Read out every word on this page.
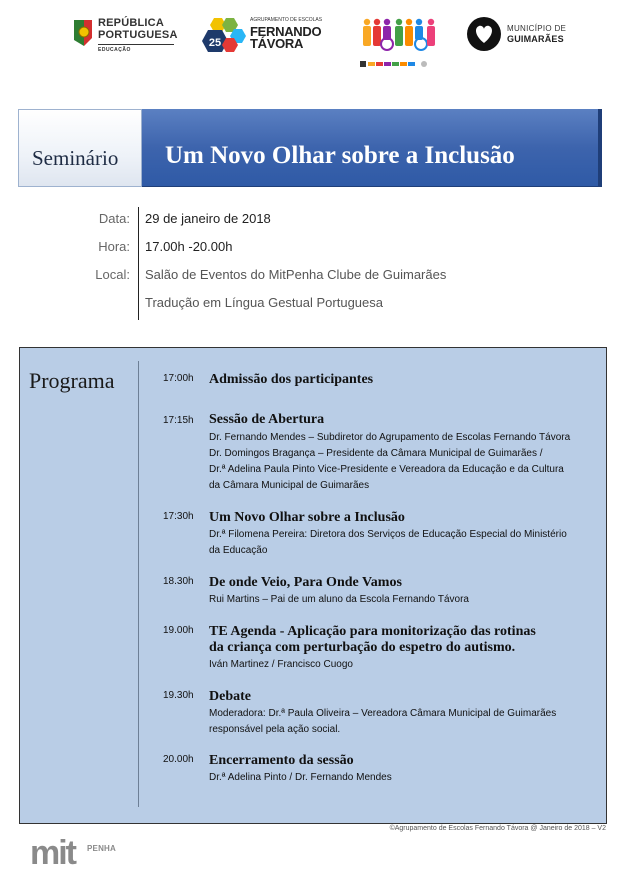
REPÚBLICA
PORTUGUESA
EDUCAÇÃO
25
AGRUPAMENTO DE ESCOLAS
FERNANDO
TÁVORA
MUNICÍPIO DE
GUIMARÃES
Seminário Um Novo Olhar sobre a Inclusão
Data: 29 de janeiro de 2018
Hora: 17.00h -20.00h
Local: Salão de Eventos do MitPenha Clube de Guimarães
Tradução em Língua Gestual Portuguesa
Programa	17:00h Admissão dos participantes
17:15h Sessão de Abertura
Dr. Fernando Mendes – Subdiretor do Agrupamento de Escolas Fernando Távora
Dr. Domingos Bragança – Presidente da Câmara Municipal de Guimarães /
Dr.ª Adelina Paula Pinto Vice-Presidente e Vereadora da Educação e da Cultura
da Câmara Municipal de Guimarães
17:30h Um Novo Olhar sobre a Inclusão
Dr.ª Filomena Pereira: Diretora dos Serviços de Educação Especial do Ministério
da Educação
18.30h De onde Veio, Para Onde Vamos
Rui Martins – Pai de um aluno da Escola Fernando Távora
19.00h TE Agenda - Aplicação para monitorização das rotinas
da criança com perturbação do espetro do autismo.
Iván Martinez / Francisco Cuogo
19.30h Debate
Moderadora: Dr.ª Paula Oliveira – Vereadora Câmara Municipal de Guimarães
responsável pela ação social.
20.00h Encerramento da sessão
Dr.ª Adelina Pinto / Dr. Fernando Mendes
©Agrupamento de Escolas Fernando Távora @ Janeiro de 2018 – V2
mit PENHA
